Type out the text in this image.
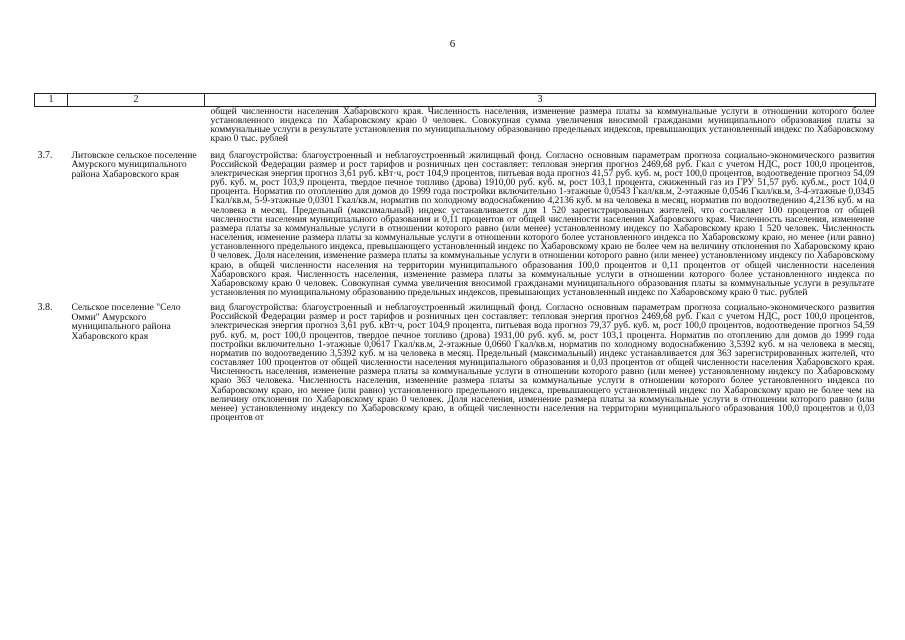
6
1	2	3
		общей численности населения Хабаровского края. Численность населения, изменение размера платы за коммунальные услуги в отношении которого более установленного индекса по Хабаровскому краю 0 человек. Совокупная сумма увеличения вносимой гражданами муниципального образования платы за коммунальные услуги в результате установления по муниципальному образованию предельных индексов, превышающих установленный индекс по Хабаровскому краю 0 тыс. рублей
3.7.	Литовское сельское поселение Амурского муниципального района Хабаровского края	вид благоустройства: благоустроенный и неблагоустроенный жилищный фонд. Согласно основным параметрам прогноза социально-экономического развития Российской Федерации размер и рост тарифов и розничных цен составляет: тепловая энергия прогноз 2469,68 руб. Гкал с учетом НДС, рост 100,0 процентов, электрическая энергия прогноз 3,61 руб. кВт·ч, рост 104,9 процентов, питьевая вода прогноз 41,57 руб. куб. м, рост 100,0 процентов, водоотведение прогноз 54,09 руб. куб. м, рост 103,9 процента, твердое печное топливо (дрова) 1910,00 руб. куб. м, рост 103,1 процента, сжиженный газ из ГРУ 51,57 руб. куб.м., рост 104,0 процента. Норматив по отоплению для домов до 1999 года постройки включительно 1-этажные 0,0543 Гкал/кв.м, 2-этажные 0,0546 Гкал/кв.м, 3-4-этажные 0,0345 Гкал/кв.м, 5-9-этажные 0,0301 Гкал/кв.м, норматив по холодному водоснабжению 4,2136 куб. м на человека в месяц, норматив по водоотведению 4,2136 куб. м на человека в месяц. Предельный (максимальный) индекс устанавливается для 1 520 зарегистрированных жителей, что составляет 100 процентов от общей численности населения муниципального образования и 0,11 процентов от общей численности населения Хабаровского края. Численность населения, изменение размера платы за коммунальные услуги в отношении которого равно (или менее) установленному индексу по Хабаровскому краю 1 520 человек. Численность населения, изменение размера платы за коммунальные услуги в отношении которого более установленного индекса по Хабаровскому краю, но менее (или равно) установленного предельного индекса, превышающего установленный индекс по Хабаровскому краю не более чем на величину отклонения по Хабаровскому краю 0 человек. Доля населения, изменение размера платы за коммунальные услуги в отношении которого равно (или менее) установленному индексу по Хабаровскому краю, в общей численности населения на территории муниципального образования 100,0 процентов и 0,11 процентов от общей численности населения Хабаровского края. Численность населения, изменение размера платы за коммунальные услуги в отношении которого более установленного индекса по Хабаровскому краю 0 человек. Совокупная сумма увеличения вносимой гражданами муниципального образования платы за коммунальные услуги в результате установления по муниципальному образованию предельных индексов, превышающих установленный индекс по Хабаровскому краю 0 тыс. рублей
3.8.	Сельское поселение "Село Омми" Амурского муниципального района Хабаровского края	вид благоустройства: благоустроенный и неблагоустроенный жилищный фонд. Согласно основным параметрам прогноза социально-экономического развития Российской Федерации размер и рост тарифов и розничных цен составляет: тепловая энергия прогноз 2469,68 руб. Гкал с учетом НДС, рост 100,0 процентов, электрическая энергия прогноз 3,61 руб. кВт·ч, рост 104,9 процента, питьевая вода прогноз 79,37 руб. куб. м, рост 100,0 процентов, водоотведение прогноз 54,59 руб. куб. м, рост 100,0 процентов, твердое печное топливо (дрова) 1931,00 руб. куб. м, рост 103,1 процента. Норматив по отоплению для домов до 1999 года постройки включительно 1-этажные 0,0617 Гкал/кв.м, 2-этажные 0,0660 Гкал/кв.м, норматив по холодному водоснабжению 3,5392 куб. м на человека в месяц, норматив по водоотведению 3,5392 куб. м на человека в месяц. Предельный (максимальный) индекс устанавливается для 363 зарегистрированных жителей, что составляет 100 процентов от общей численности населения муниципального образования и 0,03 процентов от общей численности населения Хабаровского края. Численность населения, изменение размера платы за коммунальные услуги в отношении которого равно (или менее) установленному индексу по Хабаровскому краю 363 человека. Численность населения, изменение размера платы за коммунальные услуги в отношении которого более установленного индекса по Хабаровскому краю, но менее (или равно) установленного предельного индекса, превышающего установленный индекс по Хабаровскому краю не более чем на величину отклонения по Хабаровскому краю 0 человек. Доля населения, изменение размера платы за коммунальные услуги в отношении которого равно (или менее) установленному индексу по Хабаровскому краю, в общей численности населения на территории муниципального образования 100,0 процентов и 0,03 процентов от
